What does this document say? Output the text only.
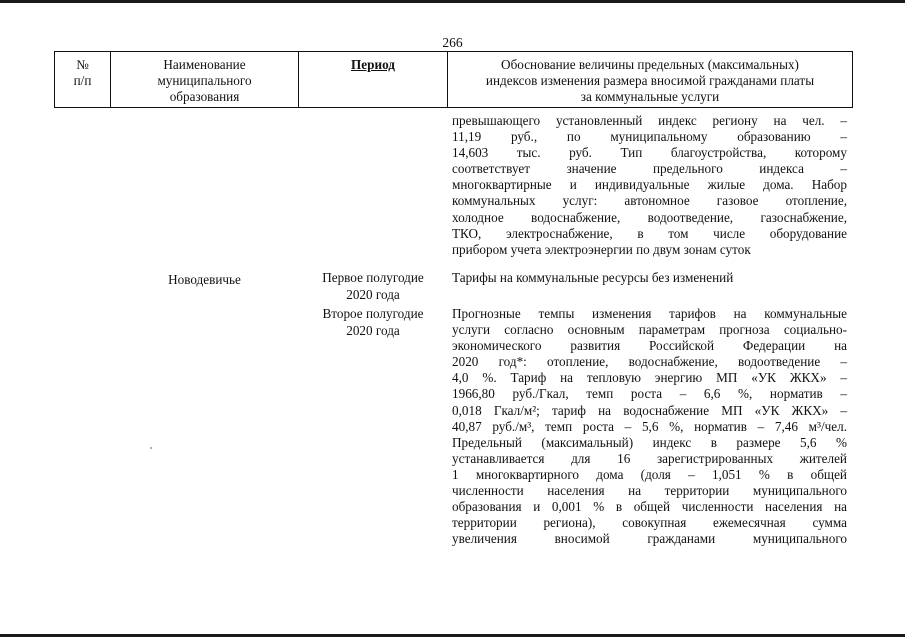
266
№
п/п
Наименование
муниципального
образования
Период	Обоснование величины предельных (максимальных)
индексов изменения размера вносимой гражданами платы
за коммунальные услуги
превышающего установленный индекс региону на чел. –
11,19 руб., по муниципальному образованию –
14,603 тыс. руб. Тип благоустройства, которому
соответствует значение предельного индекса –
многоквартирные и индивидуальные жилые дома. Набор
коммунальных услуг: автономное газовое отопление,
холодное водоснабжение, водоотведение, газоснабжение,
ТКО, электроснабжение, в том числе оборудование
прибором учета электроэнергии по двум зонам суток
Новодевичье	Первое полугодие
2020 года
Второе полугодие
2020 года
Тарифы на коммунальные ресурсы без изменений
Прогнозные темпы изменения тарифов на коммунальные
услуги согласно основным параметрам прогноза социально-
экономического развития Российской Федерации на
2020 год*: отопление, водоснабжение, водоотведение –
4,0 %. Тариф на тепловую энергию МП «УК ЖКХ» –
1966,80 руб./Гкал, темп роста – 6,6 %, норматив –
0,018 Гкал/м²; тариф на водоснабжение МП «УК ЖКХ» –
40,87 руб./м³, темп роста – 5,6 %, норматив – 7,46 м³/чел.
Предельный (максимальный) индекс в размере 5,6 %
устанавливается для 16 зарегистрированных жителей
1 многоквартирного дома (доля – 1,051 % в общей
численности населения на территории муниципального
образования и 0,001 % в общей численности населения на
территории региона), совокупная ежемесячная сумма
увеличения вносимой гражданами муниципального
